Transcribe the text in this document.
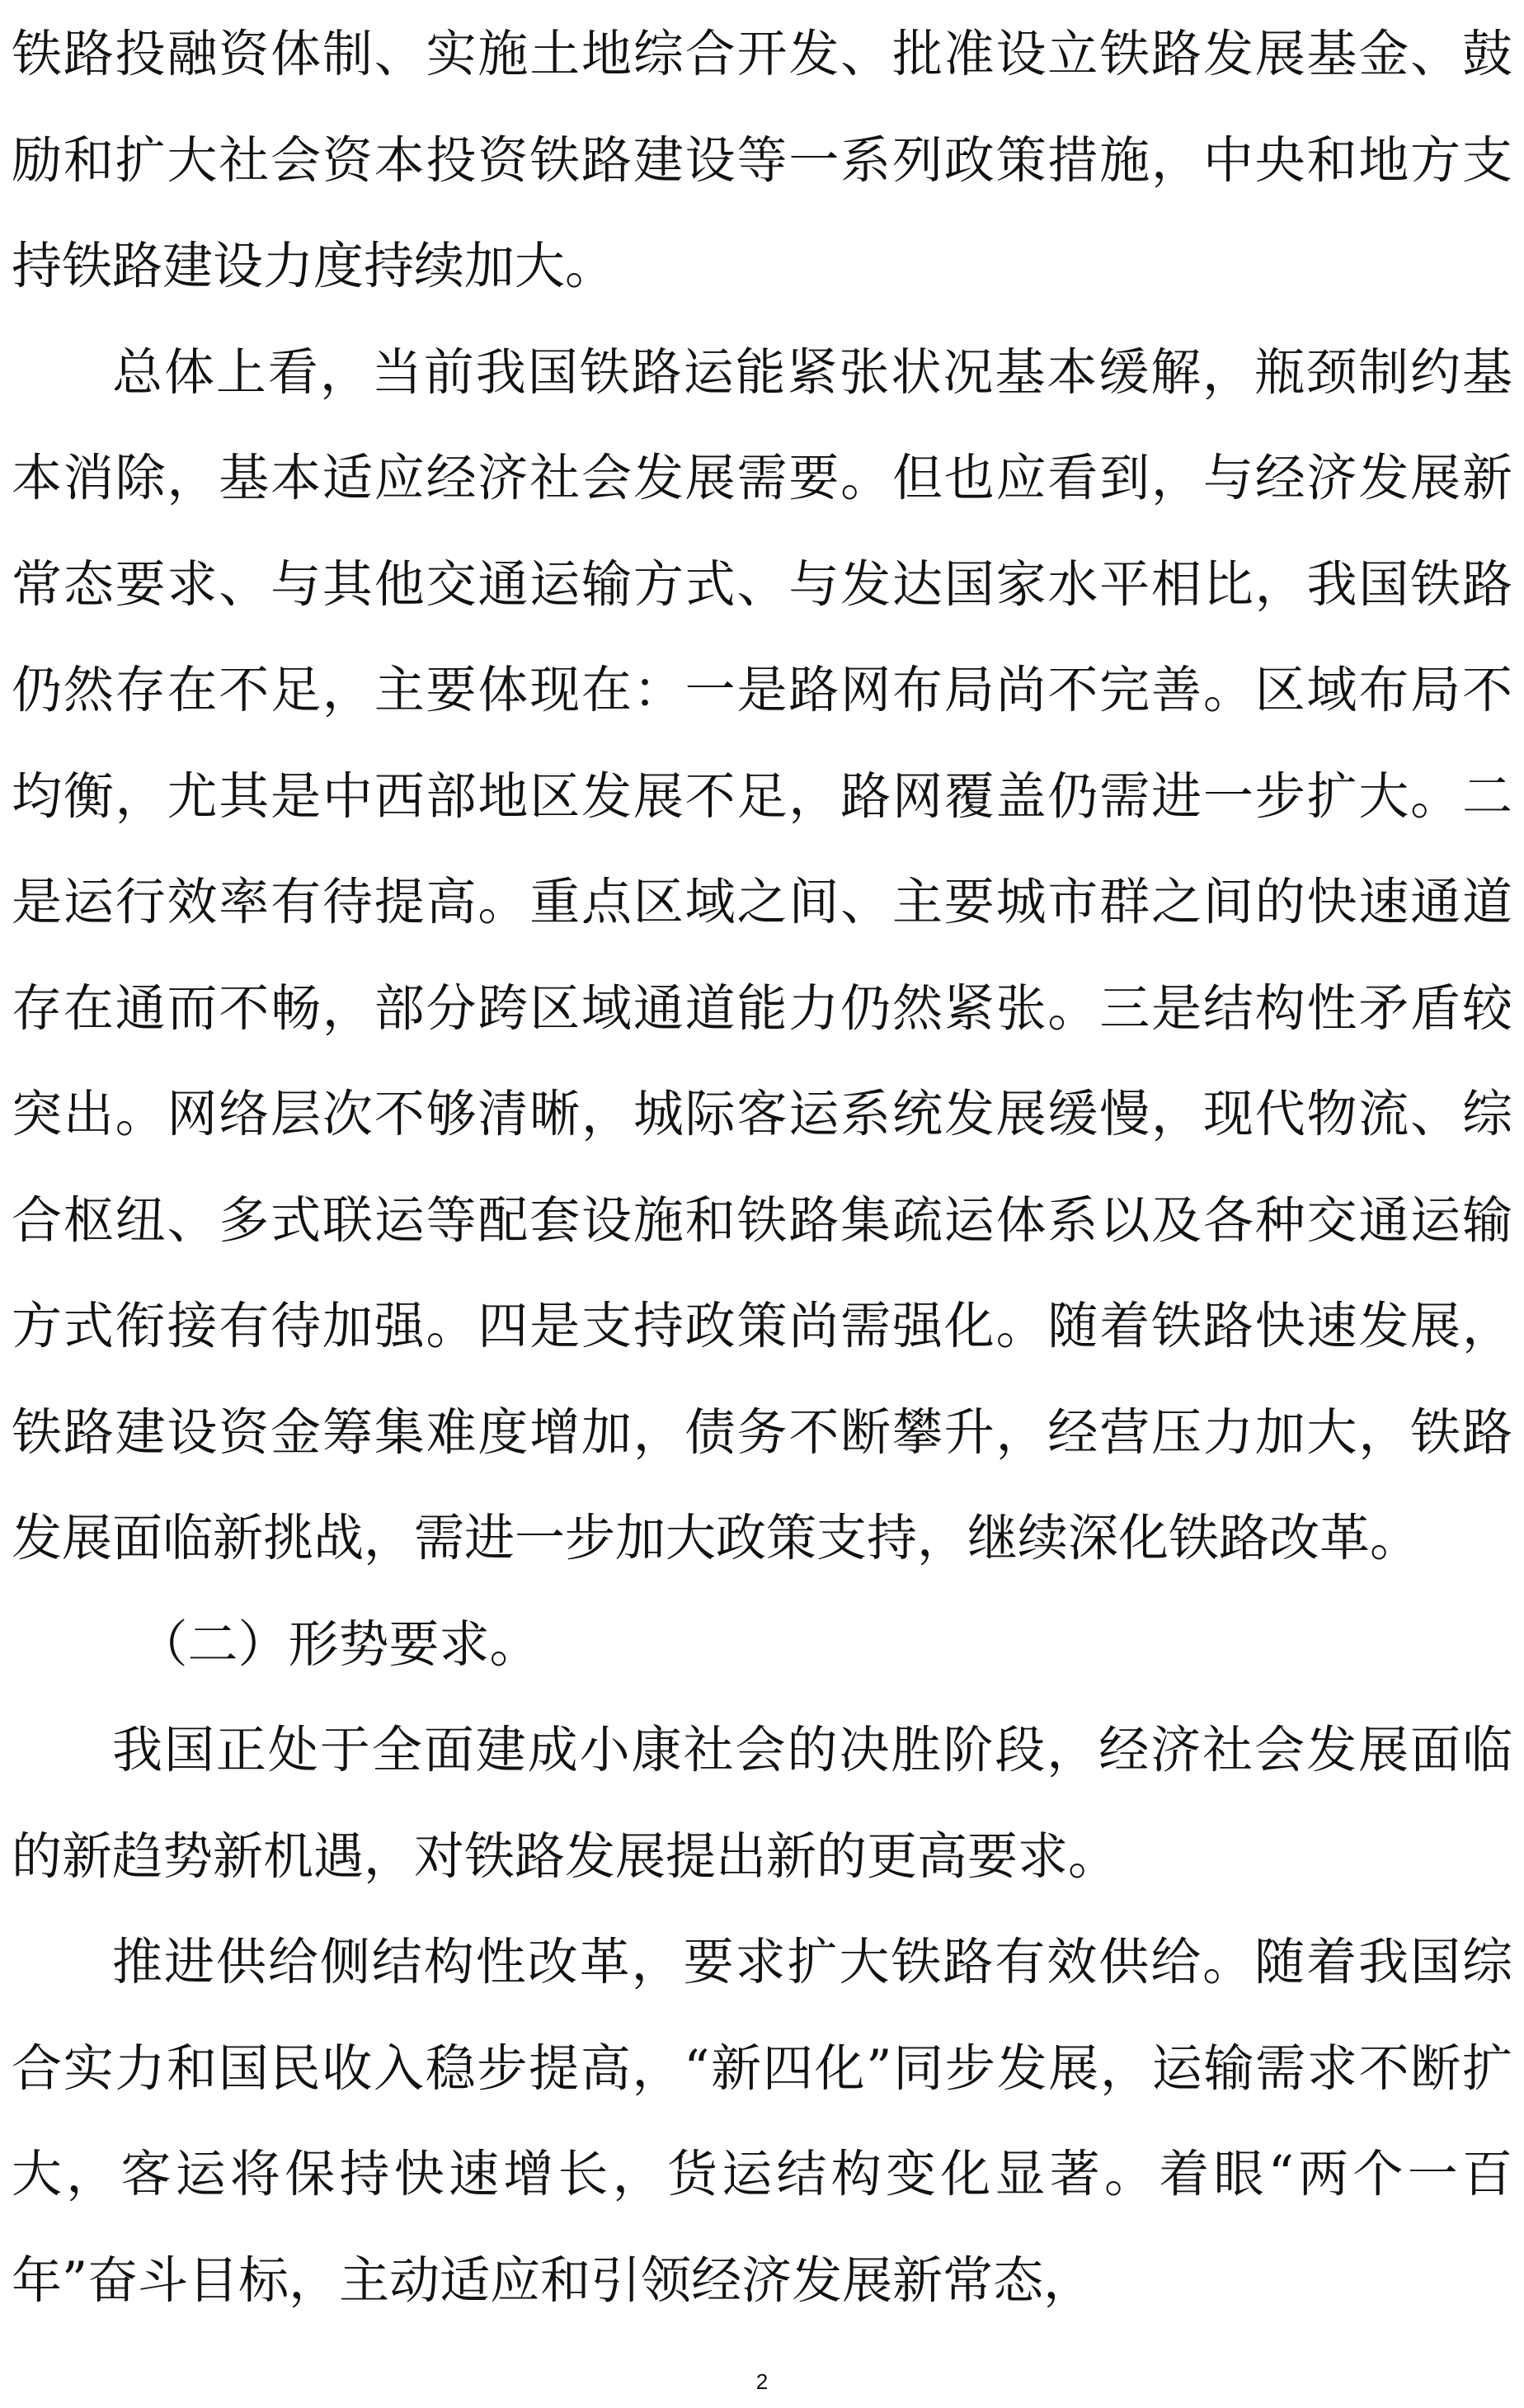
铁路投融资体制、实施土地综合开发、批准设立铁路发展基金、鼓励和扩大社会资本投资铁路建设等一系列政策措施，中央和地方支持铁路建设力度持续加大。

总体上看，当前我国铁路运能紧张状况基本缓解，瓶颈制约基本消除，基本适应经济社会发展需要。但也应看到，与经济发展新常态要求、与其他交通运输方式、与发达国家水平相比，我国铁路仍然存在不足，主要体现在：一是路网布局尚不完善。区域布局不均衡，尤其是中西部地区发展不足，路网覆盖仍需进一步扩大。二是运行效率有待提高。重点区域之间、主要城市群之间的快速通道存在通而不畅，部分跨区域通道能力仍然紧张。三是结构性矛盾较突出。网络层次不够清晰，城际客运系统发展缓慢，现代物流、综合枢纽、多式联运等配套设施和铁路集疏运体系以及各种交通运输方式衔接有待加强。四是支持政策尚需强化。随着铁路快速发展，铁路建设资金筹集难度增加，债务不断攀升，经营压力加大，铁路发展面临新挑战，需进一步加大政策支持，继续深化铁路改革。

（二）形势要求。

我国正处于全面建成小康社会的决胜阶段，经济社会发展面临的新趋势新机遇，对铁路发展提出新的更高要求。

推进供给侧结构性改革，要求扩大铁路有效供给。随着我国综合实力和国民收入稳步提高，“新四化”同步发展，运输需求不断扩大，客运将保持快速增长，货运结构变化显著。着眼“两个一百年”奋斗目标，主动适应和引领经济发展新常态，

2
